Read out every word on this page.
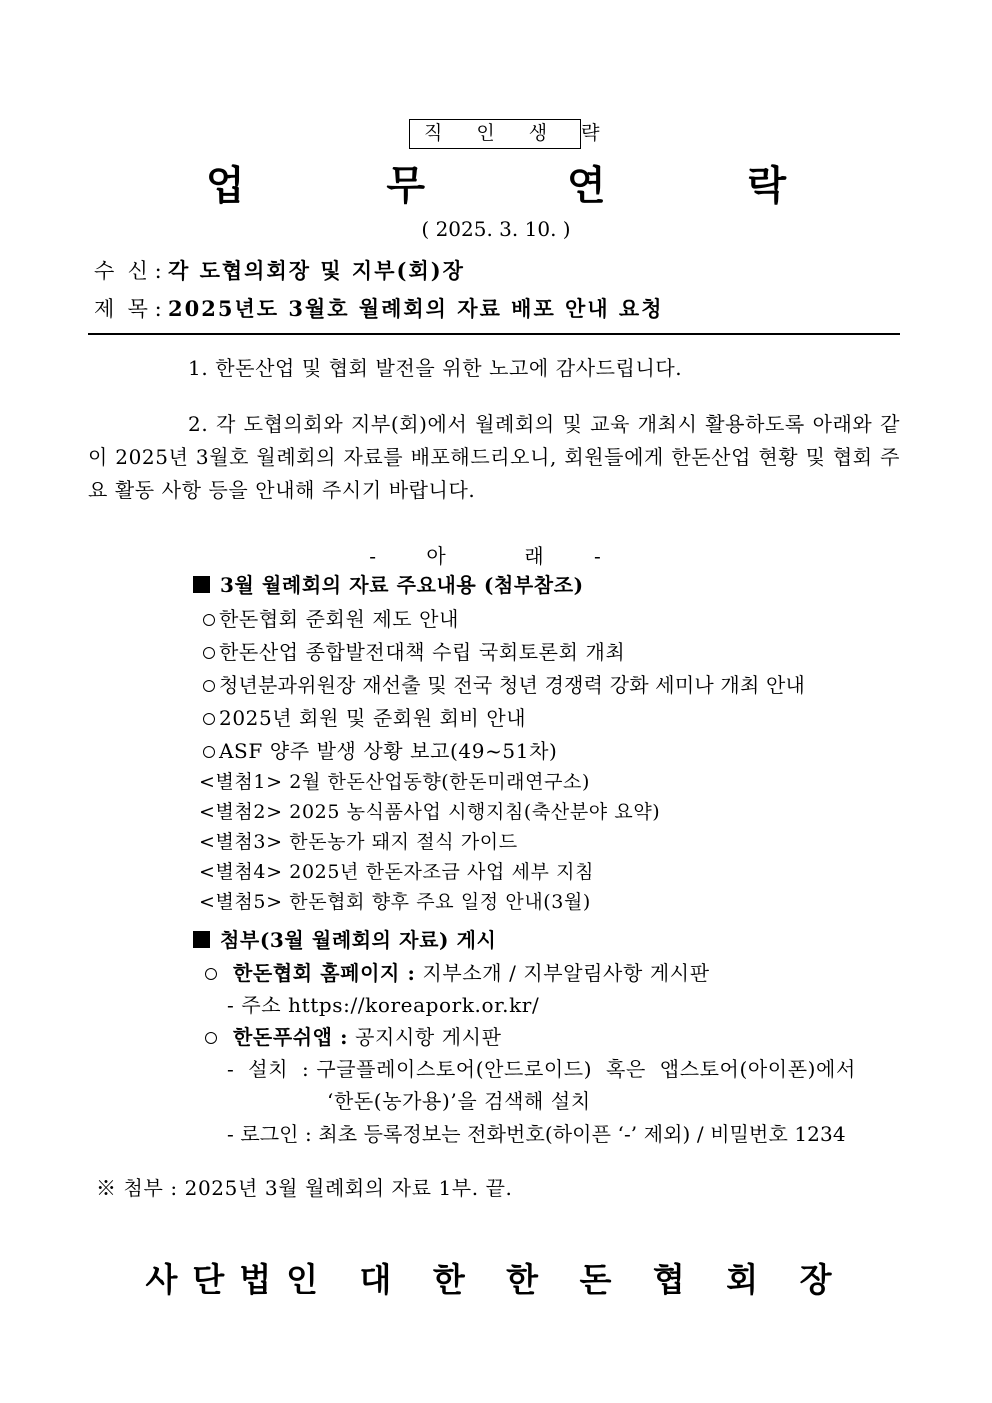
직 인 생 략
업 무 연 락
( 2025. 3. 10. )
수  신 : 각 도협의회장 및 지부(회)장
제  목 : 2025년도 3월호 월례회의 자료 배포 안내 요청
1. 한돈산업 및 협회 발전을 위한 노고에 감사드립니다.
2. 각 도협의회와 지부(회)에서 월례회의 및 교육 개최시 활용하도록 아래와 같이 2025년 3월호 월례회의 자료를 배포해드리오니, 회원들에게 한돈산업 현황 및 협회 주요 활동 사항 등을 안내해 주시기 바랍니다.
- 아  래 -
3월 월례회의 자료 주요내용 (첨부참조)
한돈협회 준회원 제도 안내
한돈산업 종합발전대책 수립 국회토론회 개최
청년분과위원장 재선출 및 전국 청년 경쟁력 강화 세미나 개최 안내
2025년 회원 및 준회원 회비 안내
ASF 양주 발생 상황 보고(49~51차)
<별첨1> 2월 한돈산업동향(한돈미래연구소)
<별첨2> 2025 농식품사업 시행지침(축산분야 요약)
<별첨3> 한돈농가 돼지 절식 가이드
<별첨4> 2025년 한돈자조금 사업 세부 지침
<별첨5> 한돈협회 향후 주요 일정 안내(3월)
첨부(3월 월례회의 자료) 게시
한돈협회 홈페이지 : 지부소개 / 지부알림사항 게시판
- 주소 https://koreapork.or.kr/
한돈푸쉬앱 : 공지시항 게시판
-  설치  : 구글플레이스토어(안드로이드)  혹은  앱스토어(아이폰)에서
‘한돈(농가용)’을 검색해 설치
- 로그인 : 최초 등록정보는 전화번호(하이픈 ‘-’ 제외) / 비밀번호 1234
※ 첨부 : 2025년 3월 월례회의 자료 1부. 끝.
사단법인 대 한 한 돈 협 회 장
